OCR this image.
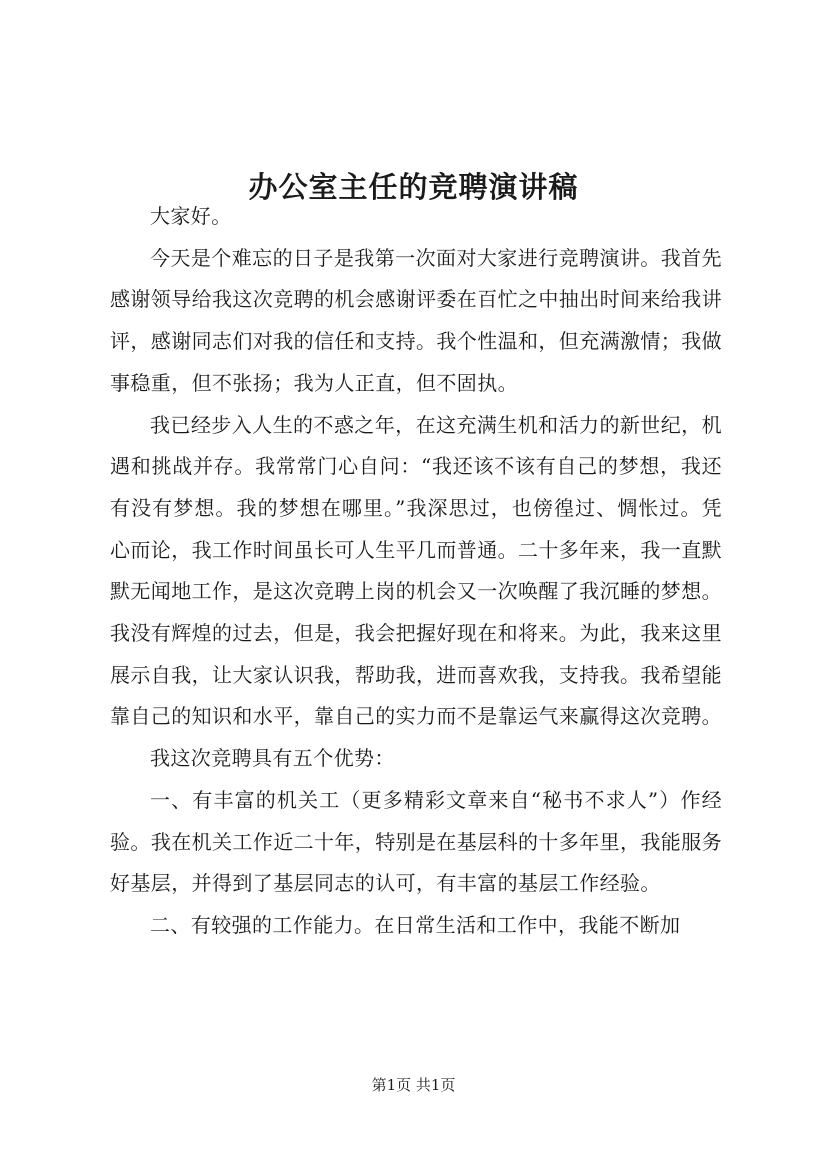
办公室主任的竞聘演讲稿

大家好。

今天是个难忘的日子是我第一次面对大家进行竞聘演讲。我首先感谢领导给我这次竞聘的机会感谢评委在百忙之中抽出时间来给我讲评，感谢同志们对我的信任和支持。我个性温和，但充满激情；我做事稳重，但不张扬；我为人正直，但不固执。

我已经步入人生的不惑之年，在这充满生机和活力的新世纪，机遇和挑战并存。我常常门心自问：“我还该不该有自己的梦想，我还有没有梦想。我的梦想在哪里。”我深思过，也傍徨过、惆怅过。凭心而论，我工作时间虽长可人生平几而普通。二十多年来，我一直默默无闻地工作，是这次竞聘上岗的机会又一次唤醒了我沉睡的梦想。我没有辉煌的过去，但是，我会把握好现在和将来。为此，我来这里展示自我，让大家认识我，帮助我，进而喜欢我，支持我。我希望能靠自己的知识和水平，靠自己的实力而不是靠运气来赢得这次竞聘。

我这次竞聘具有五个优势：

一、有丰富的机关工（更多精彩文章来自“秘书不求人”）作经验。我在机关工作近二十年，特别是在基层科的十多年里，我能服务好基层，并得到了基层同志的认可，有丰富的基层工作经验。

二、有较强的工作能力。在日常生活和工作中，我能不断加

第1页 共1页
